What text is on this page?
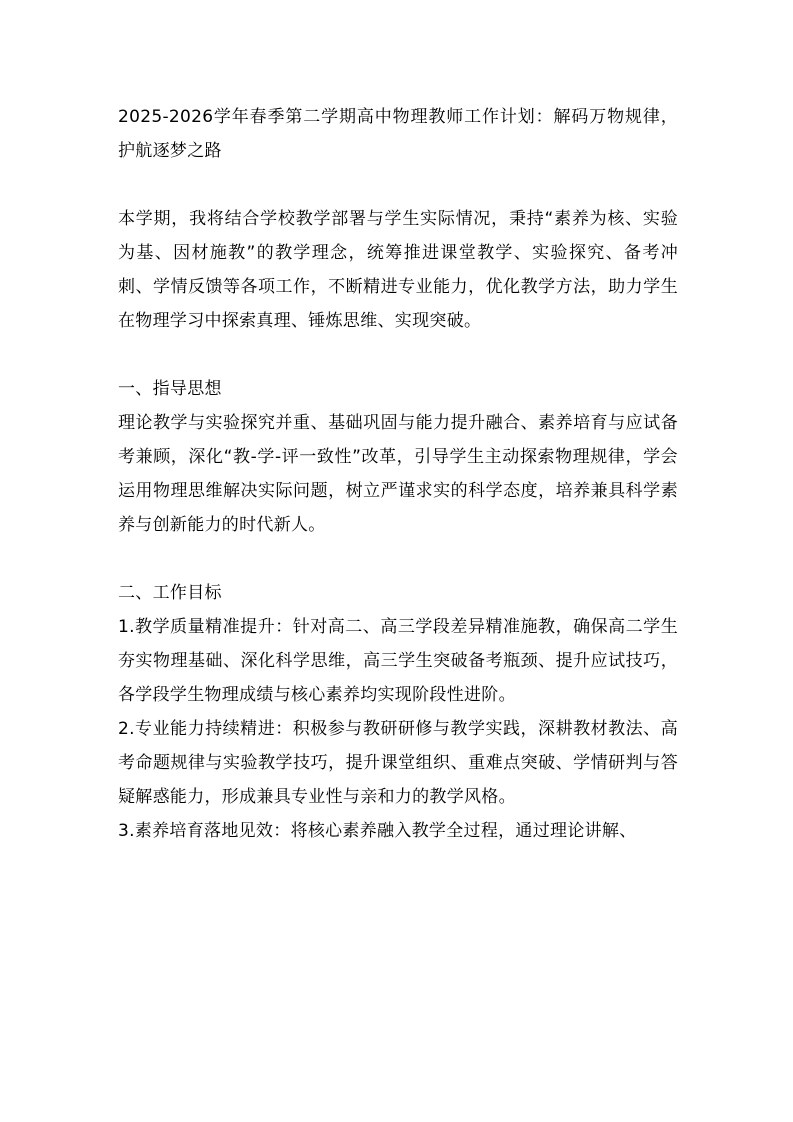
2025-2026学年春季第二学期高中物理教师工作计划：解码万物规律，护航逐梦之路

本学期，我将结合学校教学部署与学生实际情况，秉持“素养为核、实验为基、因材施教”的教学理念，统筹推进课堂教学、实验探究、备考冲刺、学情反馈等各项工作，不断精进专业能力，优化教学方法，助力学生在物理学习中探索真理、锤炼思维、实现突破。

一、指导思想

理论教学与实验探究并重、基础巩固与能力提升融合、素养培育与应试备考兼顾，深化“教-学-评一致性”改革，引导学生主动探索物理规律，学会运用物理思维解决实际问题，树立严谨求实的科学态度，培养兼具科学素养与创新能力的时代新人。

二、工作目标

1.教学质量精准提升：针对高二、高三学段差异精准施教，确保高二学生夯实物理基础、深化科学思维，高三学生突破备考瓶颈、提升应试技巧，各学段学生物理成绩与核心素养均实现阶段性进阶。

2.专业能力持续精进：积极参与教研研修与教学实践，深耕教材教法、高考命题规律与实验教学技巧，提升课堂组织、重难点突破、学情研判与答疑解惑能力，形成兼具专业性与亲和力的教学风格。

3.素养培育落地见效：将核心素养融入教学全过程，通过理论讲解、
